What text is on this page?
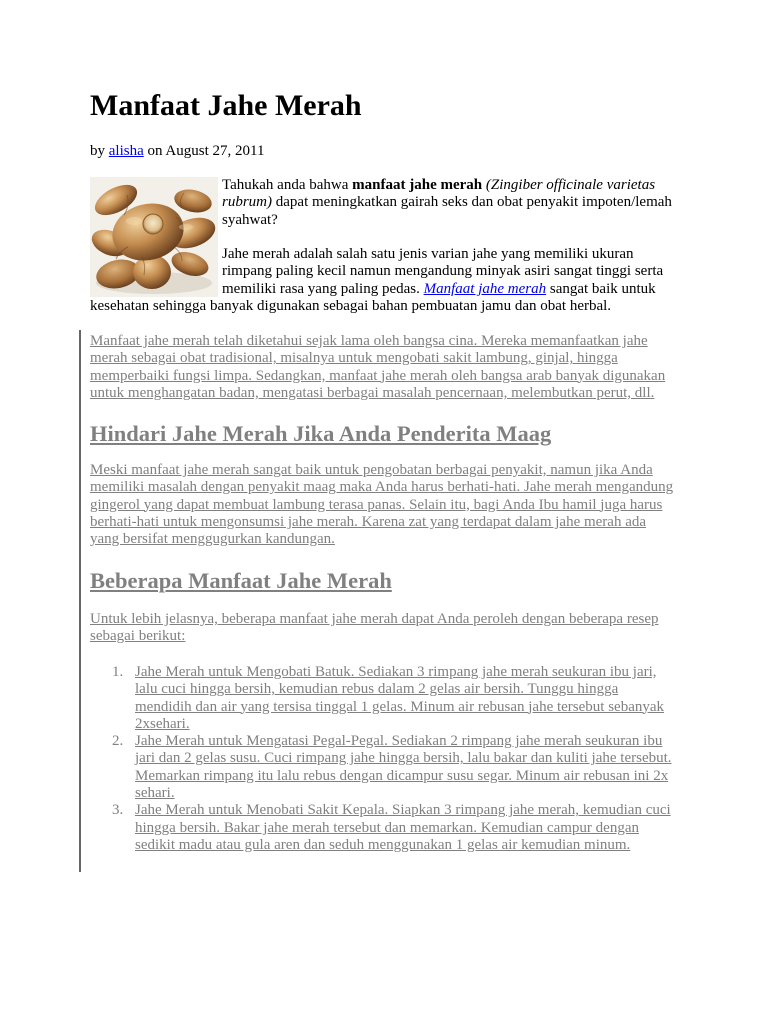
Manfaat Jahe Merah
by alisha on August 27, 2011

Tahukah anda bahwa manfaat jahe merah (Zingiber officinale varietas rubrum) dapat meningkatkan gairah seks dan obat penyakit impoten/lemah syahwat?

Jahe merah adalah salah satu jenis varian jahe yang memiliki ukuran rimpang paling kecil namun mengandung minyak asiri sangat tinggi serta memiliki rasa yang paling pedas. Manfaat jahe merah sangat baik untuk kesehatan sehingga banyak digunakan sebagai bahan pembuatan jamu dan obat herbal.

Manfaat jahe merah telah diketahui sejak lama oleh bangsa cina. Mereka memanfaatkan jahe merah sebagai obat tradisional, misalnya untuk mengobati sakit lambung, ginjal, hingga memperbaiki fungsi limpa. Sedangkan, manfaat jahe merah oleh bangsa arab banyak digunakan untuk menghangatan badan, mengatasi berbagai masalah pencernaan, melembutkan perut, dll.
Hindari Jahe Merah Jika Anda Penderita Maag
Meski manfaat jahe merah sangat baik untuk pengobatan berbagai penyakit, namun jika Anda memiliki masalah dengan penyakit maag maka Anda harus berhati-hati. Jahe merah mengandung gingerol yang dapat membuat lambung terasa panas. Selain itu, bagi Anda Ibu hamil juga harus berhati-hati untuk mengonsumsi jahe merah. Karena zat yang terdapat dalam jahe merah ada yang bersifat menggugurkan kandungan.
Beberapa Manfaat Jahe Merah
Untuk lebih jelasnya, beberapa manfaat jahe merah dapat Anda peroleh dengan beberapa resep sebagai berikut:
1. Jahe Merah untuk Mengobati Batuk. Sediakan 3 rimpang jahe merah seukuran ibu jari, lalu cuci hingga bersih, kemudian rebus dalam 2 gelas air bersih. Tunggu hingga mendidih dan air yang tersisa tinggal 1 gelas. Minum air rebusan jahe tersebut sebanyak 2xsehari.
2. Jahe Merah untuk Mengatasi Pegal-Pegal. Sediakan 2 rimpang jahe merah seukuran ibu jari dan 2 gelas susu. Cuci rimpang jahe hingga bersih, lalu bakar dan kuliti jahe tersebut. Memarkan rimpang itu lalu rebus dengan dicampur susu segar. Minum air rebusan ini 2x sehari.
3. Jahe Merah untuk Menobati Sakit Kepala. Siapkan 3 rimpang jahe merah, kemudian cuci hingga bersih. Bakar jahe merah tersebut dan memarkan. Kemudian campur dengan sedikit madu atau gula aren dan seduh menggunakan 1 gelas air kemudian minum.
